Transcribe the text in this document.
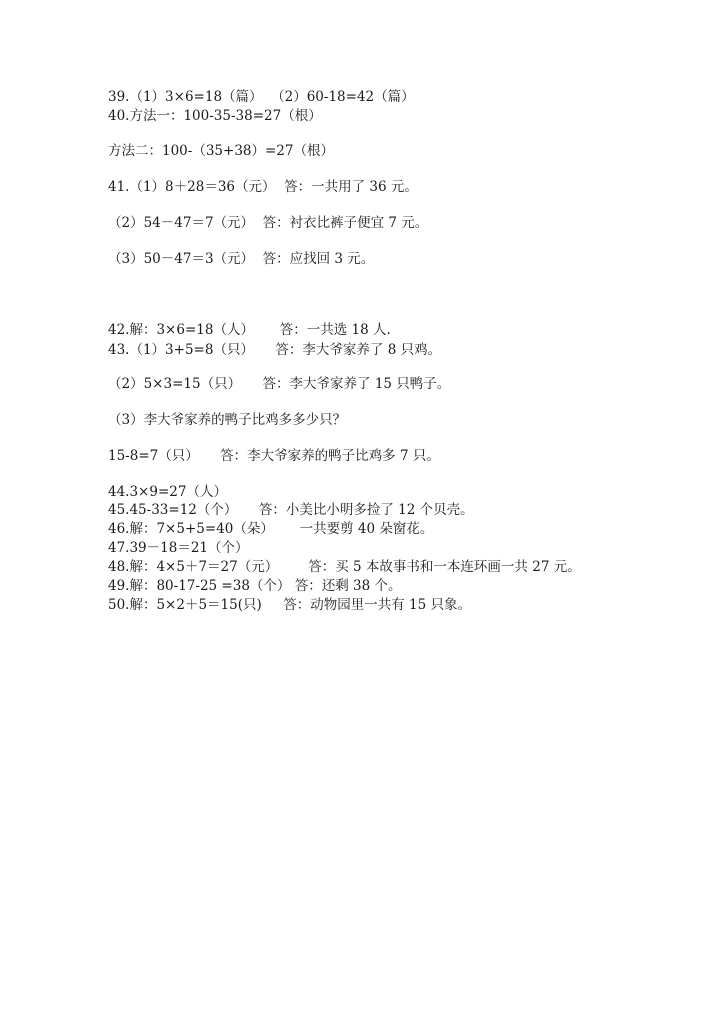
39.（1）3×6=18（篇）  （2）60-18=42（篇）
40.方法一：100-35-38=27（根）
方法二：100-（35+38）=27（根）
41.（1）8＋28＝36（元）  答：一共用了 36 元。
（2）54－47＝7（元）  答：衬衣比裤子便宜 7 元。
（3）50－47＝3（元）  答：应找回 3 元。
42.解：3×6=18（人）      答：一共选 18 人.
43.（1）3+5=8（只）     答：李大爷家养了 8 只鸡。
（2）5×3=15（只）     答：李大爷家养了 15 只鸭子。
（3）李大爷家养的鸭子比鸡多多少只？
15-8=7（只）     答：李大爷家养的鸭子比鸡多 7 只。
44.3×9=27（人）
45.45-33=12（个）     答：小美比小明多捡了 12 个贝壳。
46.解：7×5+5=40（朵）      一共要剪 40 朵窗花。
47.39－18＝21（个）
48.解：4×5＋7＝27（元）       答：买 5 本故事书和一本连环画一共 27 元。
49.解：80-17-25 =38（个） 答：还剩 38 个。
50.解：5×2＋5＝15(只)     答：动物园里一共有 15 只象。
